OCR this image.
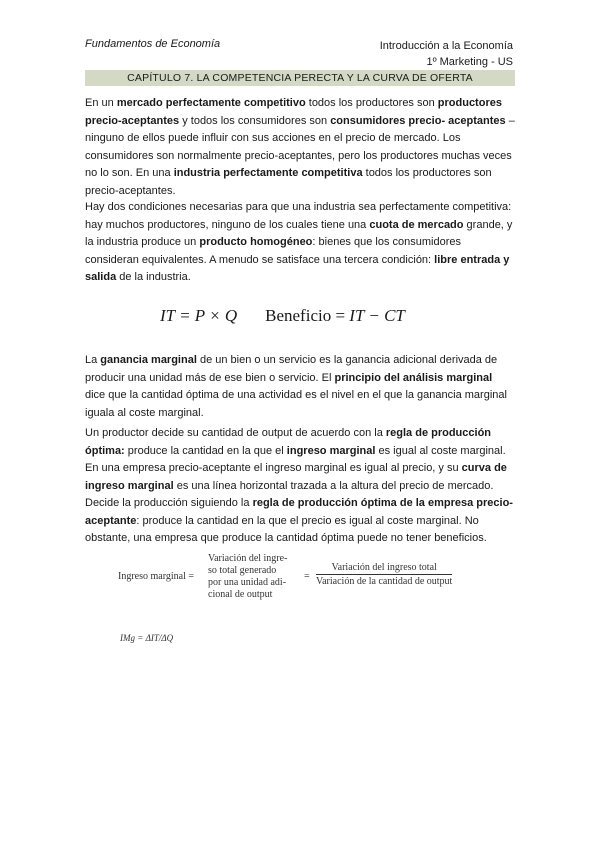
Fundamentos de Economía	Introducción a la Economía
1º Marketing - US
CAPÍTULO 7. LA COMPETENCIA PERECTA Y LA CURVA DE OFERTA

En un mercado perfectamente competitivo todos los productores son productores precio-aceptantes y todos los consumidores son consumidores precio- aceptantes –ninguno de ellos puede influir con sus acciones en el precio de mercado. Los consumidores son normalmente precio-aceptantes, pero los productores muchas veces no lo son. En una industria perfectamente competitiva todos los productores son precio-aceptantes.

Hay dos condiciones necesarias para que una industria sea perfectamente competitiva: hay muchos productores, ninguno de los cuales tiene una cuota de mercado grande, y la industria produce un producto homogéneo: bienes que los consumidores consideran equivalentes. A menudo se satisface una tercera condición: libre entrada y salida de la industria.

IT = P × Q Beneficio = IT − CT

La ganancia marginal de un bien o un servicio es la ganancia adicional derivada de producir una unidad más de ese bien o servicio. El principio del análisis marginal dice que la cantidad óptima de una actividad es el nivel en el que la ganancia marginal iguala al coste marginal.

Un productor decide su cantidad de output de acuerdo con la regla de producción óptima: produce la cantidad en la que el ingreso marginal es igual al coste marginal. En una empresa precio-aceptante el ingreso marginal es igual al precio, y su curva de ingreso marginal es una línea horizontal trazada a la altura del precio de mercado. Decide la producción siguiendo la regla de producción óptima de la empresa precio-aceptante: produce la cantidad en la que el precio es igual al coste marginal. No obstante, una empresa que produce la cantidad óptima puede no tener beneficios.

Ingreso marginal =
Variación del ingre-
so total generado
por una unidad adi-
cional de output
=
Variación del ingreso total
Variación de la cantidad de output
IMg = ΔIT/ΔQ
